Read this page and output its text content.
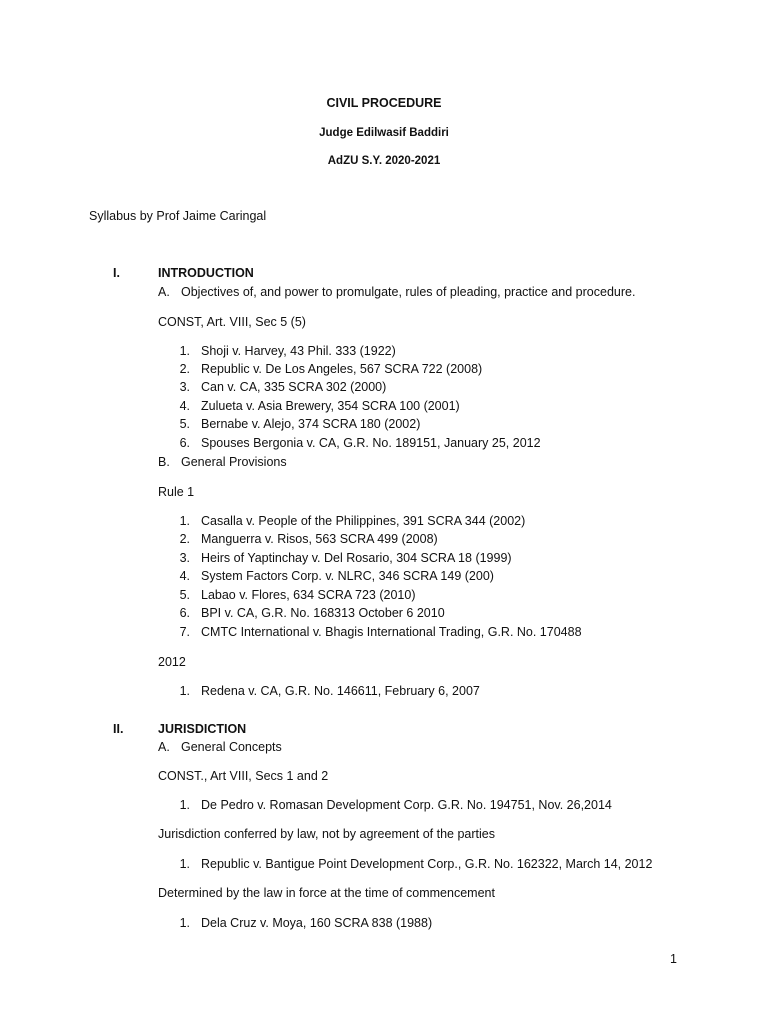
CIVIL PROCEDURE
Judge Edilwasif Baddiri
AdZU S.Y. 2020-2021
Syllabus by Prof Jaime Caringal
I.	INTRODUCTION
A. Objectives of, and power to promulgate, rules of pleading, practice and procedure.
CONST, Art. VIII, Sec 5 (5)
1. Shoji v. Harvey, 43 Phil. 333 (1922)
2. Republic v. De Los Angeles, 567 SCRA 722 (2008)
3. Can v. CA, 335 SCRA 302 (2000)
4. Zulueta v. Asia Brewery, 354 SCRA 100 (2001)
5. Bernabe v. Alejo, 374 SCRA 180 (2002)
6. Spouses Bergonia v. CA, G.R. No. 189151, January 25, 2012
B. General Provisions
Rule 1
1. Casalla v. People of the Philippines, 391 SCRA 344 (2002)
2. Manguerra v. Risos, 563 SCRA 499 (2008)
3. Heirs of Yaptinchay v. Del Rosario, 304 SCRA 18 (1999)
4. System Factors Corp. v. NLRC, 346 SCRA 149 (200)
5. Labao v. Flores, 634 SCRA 723 (2010)
6. BPI v. CA, G.R. No. 168313 October 6 2010
7. CMTC International v. Bhagis International Trading, G.R. No. 170488
2012
1. Redena v. CA, G.R. No. 146611, February 6, 2007
II.	JURISDICTION
A. General Concepts
CONST., Art VIII, Secs 1 and 2
1. De Pedro v. Romasan Development Corp. G.R. No. 194751, Nov. 26,2014
Jurisdiction conferred by law, not by agreement of the parties
1. Republic v. Bantigue Point Development Corp., G.R. No. 162322, March 14, 2012
Determined by the law in force at the time of commencement
1. Dela Cruz v. Moya, 160 SCRA 838 (1988)
1
